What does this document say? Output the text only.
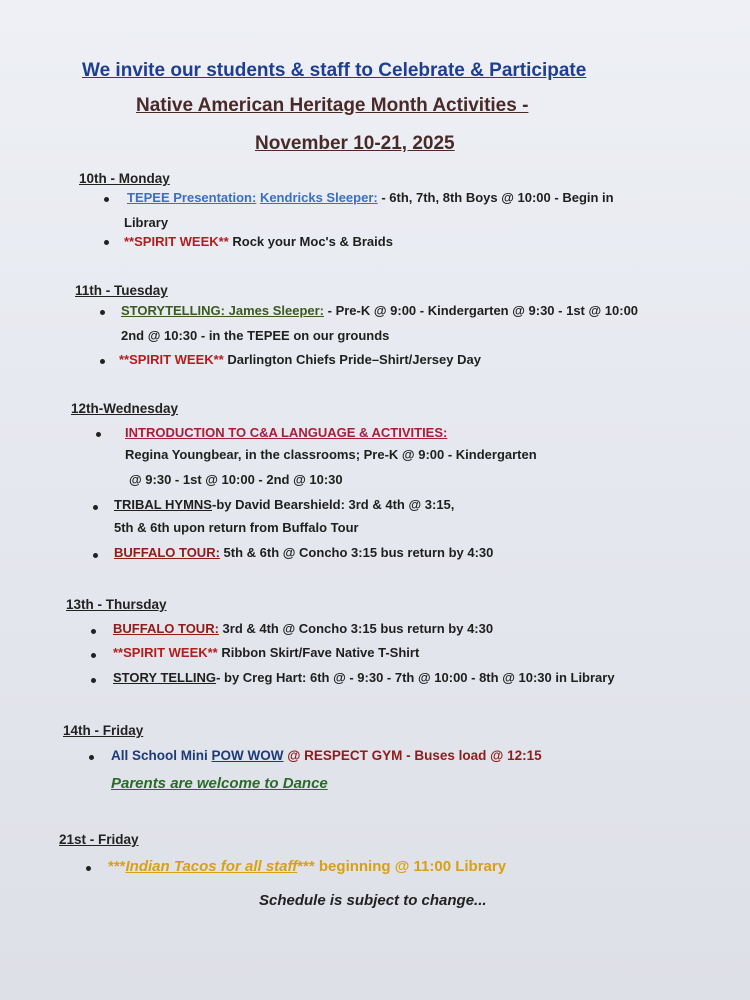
We invite our students & staff to Celebrate & Participate
Native American Heritage Month Activities -
November 10-21, 2025
10th - Monday
TEPEE Presentation: Kendricks Sleeper: - 6th, 7th, 8th Boys @ 10:00 - Begin in
Library
**SPIRIT WEEK** Rock your Moc's & Braids
11th - Tuesday
STORYTELLING: James Sleeper: - Pre-K @ 9:00 - Kindergarten @ 9:30 - 1st @ 10:00
2nd @ 10:30 - in the TEPEE on our grounds
**SPIRIT WEEK** Darlington Chiefs Pride–Shirt/Jersey Day
12th-Wednesday
INTRODUCTION TO C&A LANGUAGE & ACTIVITIES:
Regina Youngbear, in the classrooms; Pre-K @ 9:00 - Kindergarten
@ 9:30 - 1st @ 10:00 - 2nd @ 10:30
TRIBAL HYMNS-by David Bearshield: 3rd & 4th @ 3:15,
5th & 6th upon return from Buffalo Tour
BUFFALO TOUR: 5th & 6th @ Concho 3:15 bus return by 4:30
13th - Thursday
BUFFALO TOUR: 3rd & 4th @ Concho 3:15 bus return by 4:30
**SPIRIT WEEK** Ribbon Skirt/Fave Native T-Shirt
STORY TELLING- by Creg Hart: 6th @ - 9:30 - 7th @ 10:00 - 8th @ 10:30 in Library
14th - Friday
All School Mini POW WOW @ RESPECT GYM - Buses load @ 12:15
Parents are welcome to Dance
21st - Friday
***Indian Tacos for all staff*** beginning @ 11:00 Library
Schedule is subject to change...
